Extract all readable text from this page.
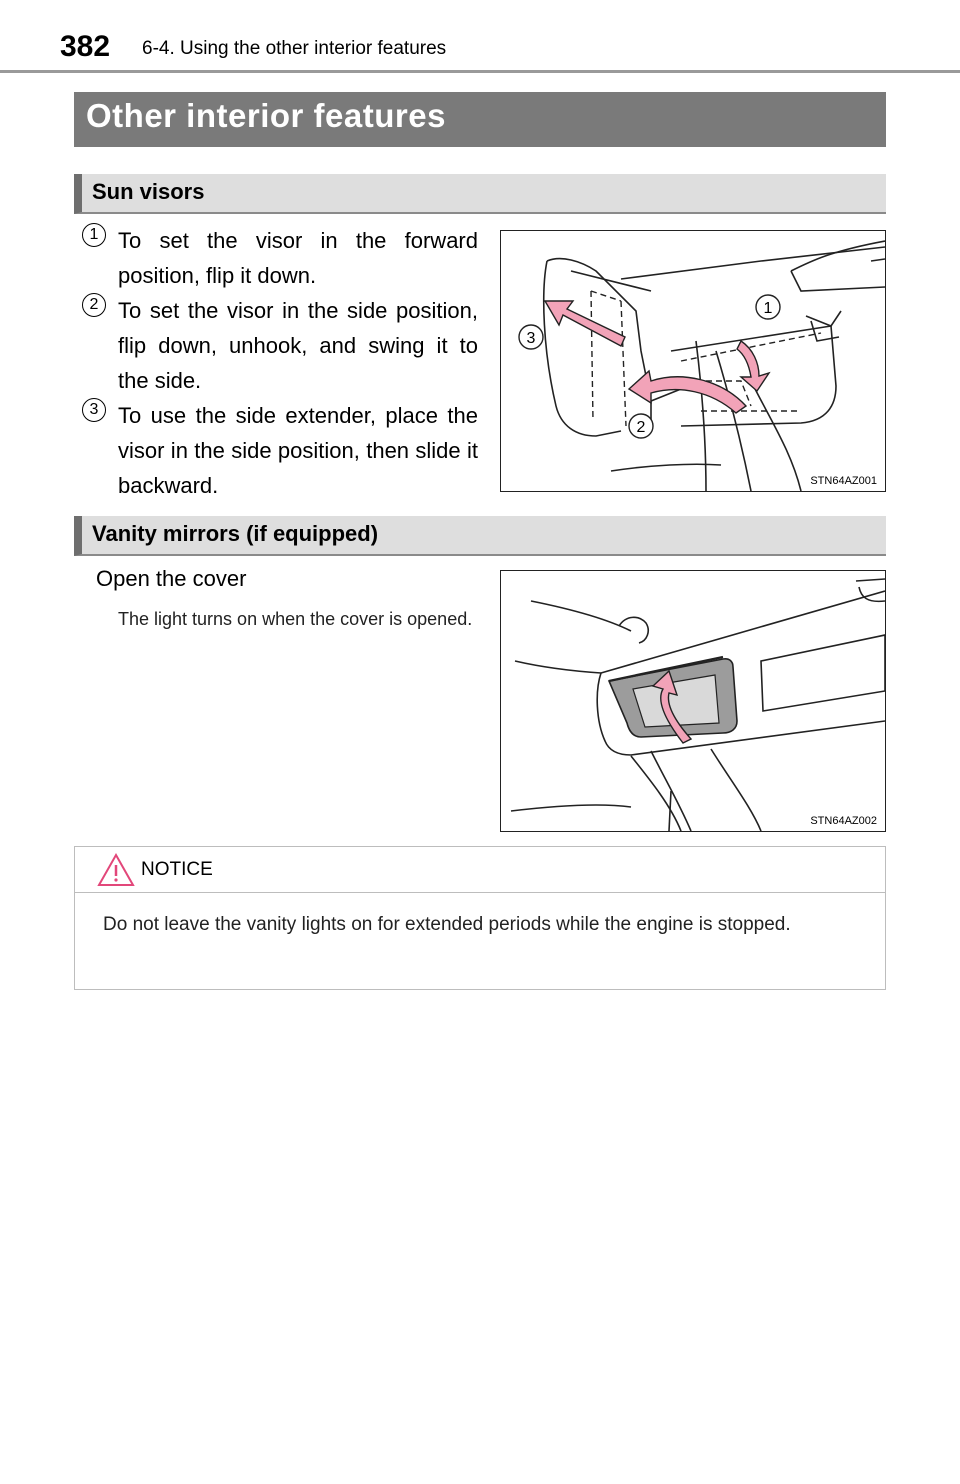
382 6-4. Using the other interior features
Other interior features
Sun visors
1 To set the visor in the forward position, flip it down.
2 To set the visor in the side position, flip down, unhook, and swing it to the side.
3 To use the side extender, place the visor in the side position, then slide it backward.
1
2
3
STN64AZ001
Vanity mirrors (if equipped)
Open the cover
The light turns on when the cover is opened.
STN64AZ002
NOTICE
Do not leave the vanity lights on for extended periods while the engine is stopped.
